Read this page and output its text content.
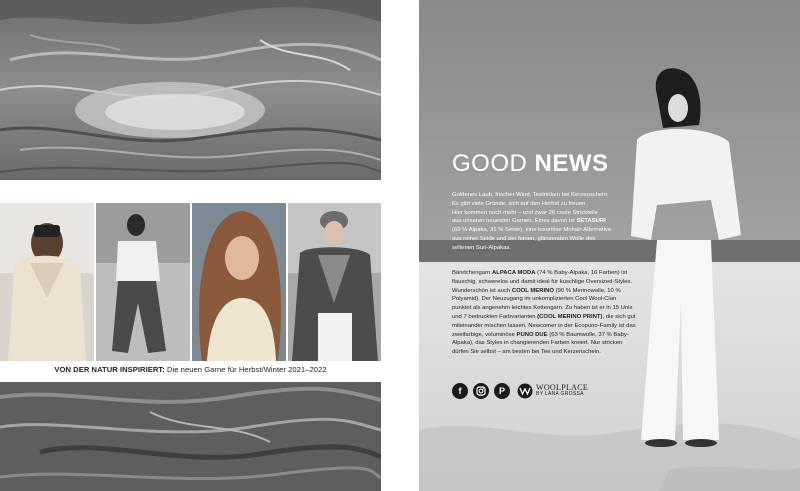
VON DER NATUR INSPIRIERT: Die neuen Garne für Herbst/Winter 2021–2022
GOOD NEWS
Goldenes Laub, frischer Wind, Teetrinken bei Kerzenschein:
Es gibt viele Gründe, sich auf den Herbst zu freuen.
Hier kommen noch mehr – und zwar 26 coole Strickteile
aus unseren neuesten Garnen. Eines davon ist SETASURI
(69 % Alpaka, 31 % Seide), eine luxuriöse Mohair-Alternative
aus reiner Seide und der feinen, glänzenden Wolle des
seltenen Suri-Alpakas.
Bändchengarn ALPACA MODA (74 % Baby-Alpaka, 16 Farben) ist flauschig, schwerelos und damit ideal für kuschlige Oversized-Styles. Wunderschön ist auch COOL MERINO (90 % Merinowolle, 10 % Polyamid). Der Neuzugang im unkomplizierten Cool Wool-Clan punktet als angenehm leichtes Kettengarn. Zu haben ist er in 15 Unis und 7 bedruckten Farbvarianten (COOL MERINO PRINT), die sich gut miteinander mischen lassen. Newcomer in der Ecopuno-Family ist das zweifarbige, voluminöse PUNO DUE (63 % Baumwolle, 37 % Baby-Alpaka), das Styles in changierenden Farben kreiert. Nur stricken dürfen Sie selbst – am besten bei Tee und Kerzenschein.
f	P	WOOLPLACE
BY LANA GROSSA
